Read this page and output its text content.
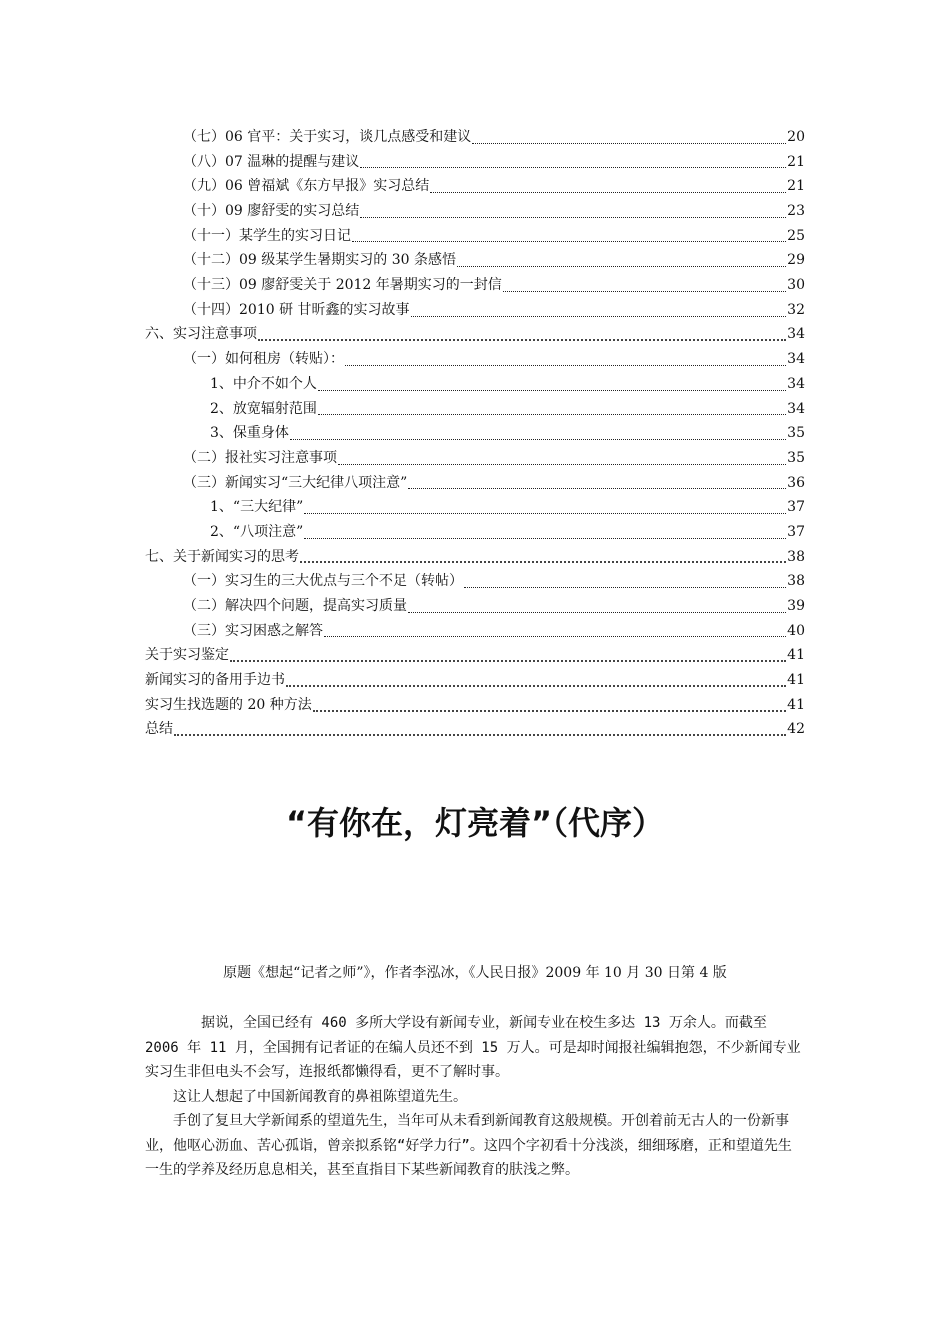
（七）06 官平：关于实习，谈几点感受和建议	20
（八）07 温琳的提醒与建议	21
（九）06 曾福斌《东方早报》实习总结	21
（十）09 廖舒雯的实习总结	23
（十一）某学生的实习日记	25
（十二）09 级某学生暑期实习的 30 条感悟	29
（十三）09 廖舒雯关于 2012 年暑期实习的一封信	30
（十四）2010 研 甘昕鑫的实习故事	32
六、实习注意事项	34
（一）如何租房（转贴）：	34
1、中介不如个人	34
2、放宽辐射范围	34
3、保重身体	35
（二）报社实习注意事项	35
（三）新闻实习“三大纪律八项注意”	36
1、“三大纪律”	37
2、“八项注意”	37
七、关于新闻实习的思考	38
（一）实习生的三大优点与三个不足（转帖）	38
（二）解决四个问题，提高实习质量	39
（三）实习困惑之解答	40
关于实习鉴定	41
新闻实习的备用手边书	41
实习生找选题的 20 种方法	41
总结	42
“有你在，灯亮着”（代序）
原题《想起“记者之师”》，作者李泓冰，《人民日报》2009 年 10 月 30 日第 4 版

据说，全国已经有 460 多所大学设有新闻专业，新闻专业在校生多达 13 万余人。而截至 2006 年 11 月，全国拥有记者证的在编人员还不到 15 万人。可是却时闻报社编辑抱怨，不少新闻专业实习生非但电头不会写，连报纸都懒得看，更不了解时事。

这让人想起了中国新闻教育的鼻祖陈望道先生。

手创了复旦大学新闻系的望道先生，当年可从未看到新闻教育这般规模。开创着前无古人的一份新事业，他呕心沥血、苦心孤诣，曾亲拟系铭“好学力行”。这四个字初看十分浅淡，细细琢磨，正和望道先生一生的学养及经历息息相关，甚至直指目下某些新闻教育的肤浅之弊。
